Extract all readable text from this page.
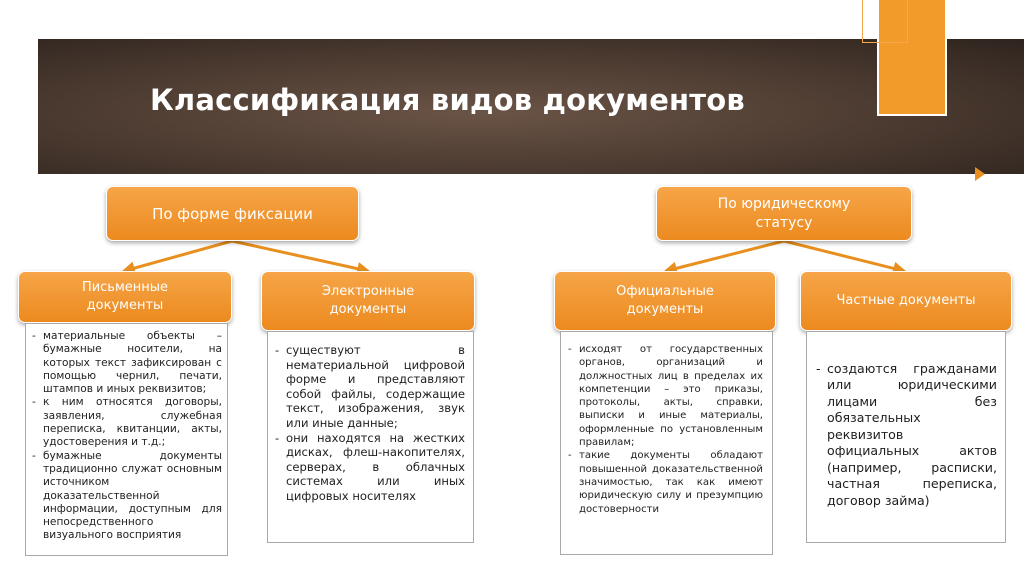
Классификация видов документов
По форме фиксации
По юридическому
статусу
Письменные
документы
Электронные
документы
Официальные
документы
Частные документы
- материальные объекты – бумажные носители, на которых текст зафиксирован с помощью чернил, печати, штампов и иных реквизитов;
- к ним относятся договоры, заявления, служебная переписка, квитанции, акты, удостоверения и т.д.;
- бумажные документы традиционно служат основным источником доказательственной информации, доступным для непосредственного визуального восприятия
- существуют в нематериальной цифровой форме и представляют собой файлы, содержащие текст, изображения, звук или иные данные;
- они находятся на жестких дисках, флеш-накопителях, серверах, в облачных системах или иных цифровых носителях
- исходят от государственных органов, организаций и должностных лиц в пределах их компетенции – это приказы, протоколы, акты, справки, выписки и иные материалы, оформленные по установленным правилам;
- такие документы обладают повышенной доказательственной значимостью, так как имеют юридическую силу и презумпцию достоверности
- создаются гражданами или юридическими лицами без обязательных реквизитов официальных актов (например, расписки, частная переписка, договор займа)
